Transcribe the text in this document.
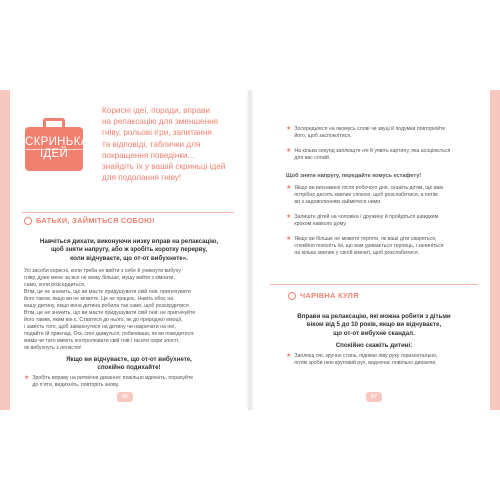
СКРИНЬКА
ІДЕЙ
Корисні ідеї, поради, вправи
на релаксацію для зменшення
гніву, рольові ігри, запитання
та відповіді, таблички для
покращення поведінки...
знайдіть їх у вашій скриньці ідей
для подолання гніву!
БАТЬКИ, ЗАЙМІТЬСЯ СОБОЮ!
Навчіться дихати, виконуючи низку вправ на релаксацію,
щоб зняти напругу, або ж зробіть коротку перерву,
коли відчуваєте, що от-от вибухнете».
Усі засоби корисні, коли треба не вийти з себе й уникнути вибуху
гніву, дуже мене за все не можу більше, мушу вийти з кімнати,
само, коли розсердиться.
Втім, це не значить, що ви маєте придушувати свій гнів: пригнічувати
його також, якщо ви не можете. Це не працює. Навіть обоє на
вашу дитину, якщо вона дитина робила так само, щоб розсердитися.
Втім, це не значить, що ви маєте придушувати свій гнів: не пригнічуйте
його таким, яким він є. Ставтеся до нього, як до природної емоції,
і замість того, щоб замахнутися на дитину чи накричати на неї,
подайте їй приклад. Ось сині здивуться, побачивши, як ви поводитеся:
мама чи тато вміють контролювати свій гнів і гасити іскри злості,
як вибухнуть з легкістю!
Якщо ви відчуваєте, що от-от вибухнете,
спокійно подихайте!
★ Зробіть вправу на ритмічне дихання: повільно вдихніть, порахуйте
до п’яти, видихніть, повторіть знову.
86
★ Зосередьтеся на якомусь слові чи звуці й подумки повторюйте
його, щоб заспокоїтися.
★ На кілька секунд заплющте очі й уявіть картину, яка асоціюється
для вас спокій.
Щоб зняти напругу, передайте комусь естафету!
★ Якщо ви виснажені після робочого дня, скажіть дітям, що вам
потрібно десять хвилин спокою, щоб розслабитися, а потім
ви з задоволенням займетеся ними.
★ Залиште дітей на чоловіка / дружину й пройдіться швидким
кроком навколо дому.
★ Якщо ви більше не можете терпіти, як ваші діти сваряться,
спокійно поясніть їм, що вам уривається терпець, і зачиніться
на кілька хвилин у своїй кімнаті, щоб розслабитися.
ЧАРІВНА КУЛЯ
Вправи на релаксацію, які можна робити з дітьми
віком від 5 до 10 років, якщо ви відчуваєте,
що от-от вибухне скандал.
Спокійно скажіть дитині:
★ Заплющ очі, зручно стань, підніми ліву руку горизонтально,
потім зроби нею круговий рух, водночас повільно дихаючи.
87
